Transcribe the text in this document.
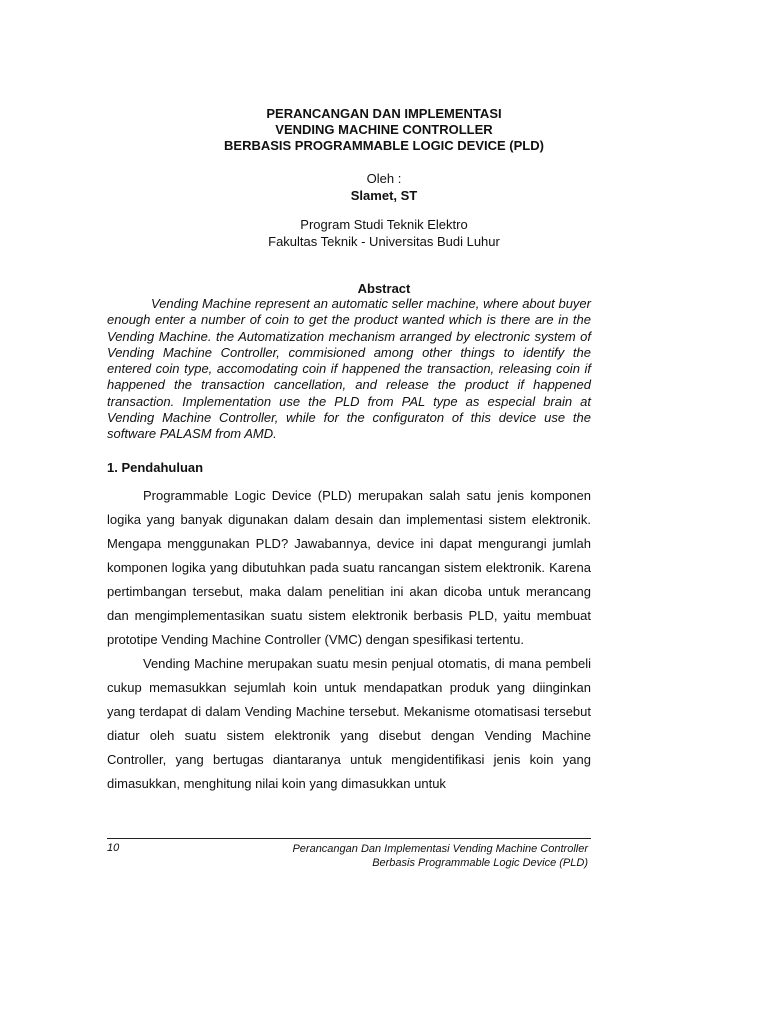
PERANCANGAN DAN IMPLEMENTASI

VENDING MACHINE CONTROLLER

BERBASIS PROGRAMMABLE LOGIC DEVICE (PLD)

Oleh :
Slamet, ST
Program Studi Teknik Elektro
Fakultas Teknik - Universitas Budi Luhur
Abstract

Vending Machine represent an automatic seller machine, where about buyer enough enter a number of coin to get the product wanted which is there are in the Vending Machine. the Automatization mechanism arranged by electronic system of Vending Machine Controller, commisioned among other things to identify the entered coin type, accomodating coin if happened the transaction, releasing coin if happened the transaction cancellation, and release the product if happened transaction. Implementation use the PLD from PAL type as especial brain at Vending Machine Controller, while for the configuraton of this device use the software PALASM from AMD.

1. Pendahuluan

Programmable Logic Device (PLD) merupakan salah satu jenis komponen logika yang banyak digunakan dalam desain dan implementasi sistem elektronik. Mengapa menggunakan PLD? Jawabannya, device ini dapat mengurangi jumlah komponen logika yang dibutuhkan pada suatu rancangan sistem elektronik. Karena pertimbangan tersebut, maka dalam penelitian ini akan dicoba untuk merancang dan mengimplementasikan suatu sistem elektronik berbasis PLD, yaitu membuat prototipe Vending Machine Controller (VMC) dengan spesifikasi tertentu.

Vending Machine merupakan suatu mesin penjual otomatis, di mana pembeli cukup memasukkan sejumlah koin untuk mendapatkan produk yang diinginkan yang terdapat di dalam Vending Machine tersebut. Mekanisme otomatisasi tersebut diatur oleh suatu sistem elektronik yang disebut dengan Vending Machine Controller, yang bertugas diantaranya untuk mengidentifikasi jenis koin yang dimasukkan, menghitung nilai koin yang dimasukkan untuk

10	Perancangan Dan Implementasi Vending Machine Controller
Berbasis Programmable Logic Device (PLD)
